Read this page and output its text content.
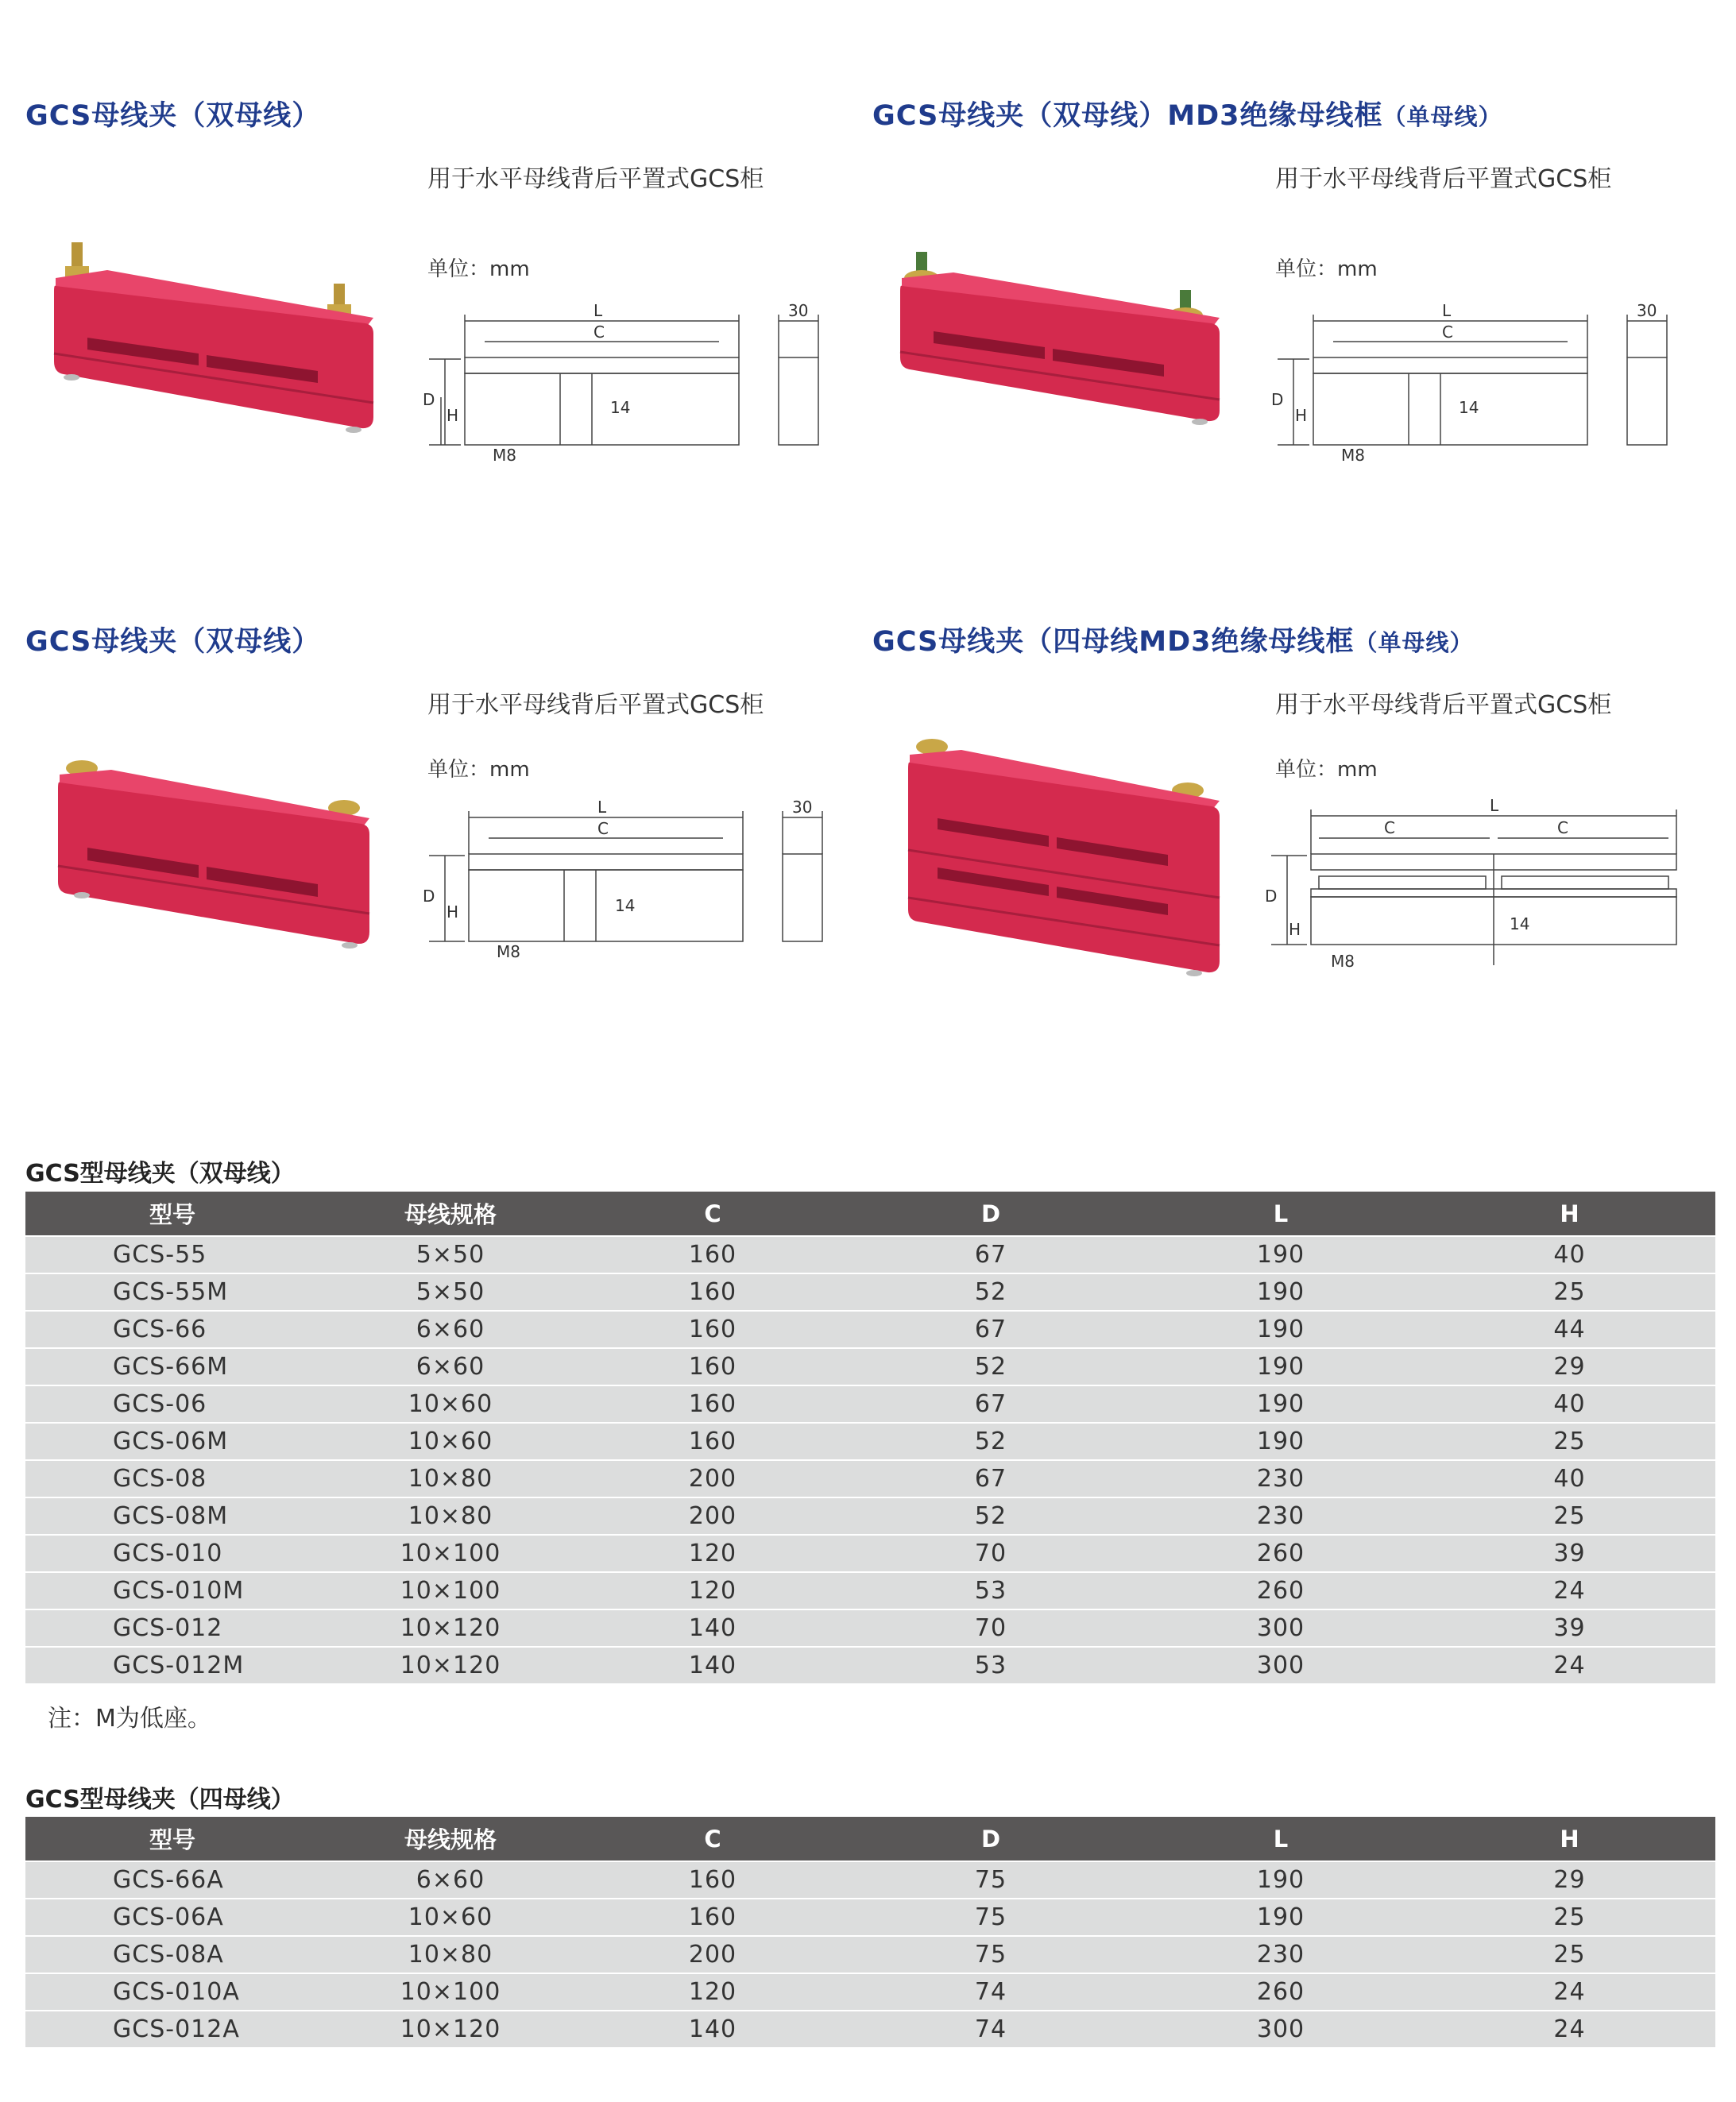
GCS母线夹（双母线）
用于水平母线背后平置式GCS柜
单位：mm
L
C
D
H	14
30
M8
GCS母线夹（双母线）MD3绝缘母线框（单母线）
用于水平母线背后平置式GCS柜
单位：mm
L
C
D
H	14
30
M8
GCS母线夹（双母线）
用于水平母线背后平置式GCS柜
单位：mm
L
C
D
H	14
30
M8
GCS母线夹（四母线MD3绝缘母线框（单母线）
用于水平母线背后平置式GCS柜
单位：mm
L
C	C
D
H	14
M8
GCS型母线夹（双母线）
型号	母线规格	C	D	L	H
GCS-55	5×50	160	67	190	40
GCS-55M	5×50	160	52	190	25
GCS-66	6×60	160	67	190	44
GCS-66M	6×60	160	52	190	29
GCS-06	10×60	160	67	190	40
GCS-06M	10×60	160	52	190	25
GCS-08	10×80	200	67	230	40
GCS-08M	10×80	200	52	230	25
GCS-010	10×100	120	70	260	39
GCS-010M	10×100	120	53	260	24
GCS-012	10×120	140	70	300	39
GCS-012M	10×120	140	53	300	24
注：M为低座。
GCS型母线夹（四母线）
型号	母线规格	C	D	L	H
GCS-66A	6×60	160	75	190	29
GCS-06A	10×60	160	75	190	25
GCS-08A	10×80	200	75	230	25
GCS-010A	10×100	120	74	260	24
GCS-012A	10×120	140	74	300	24
